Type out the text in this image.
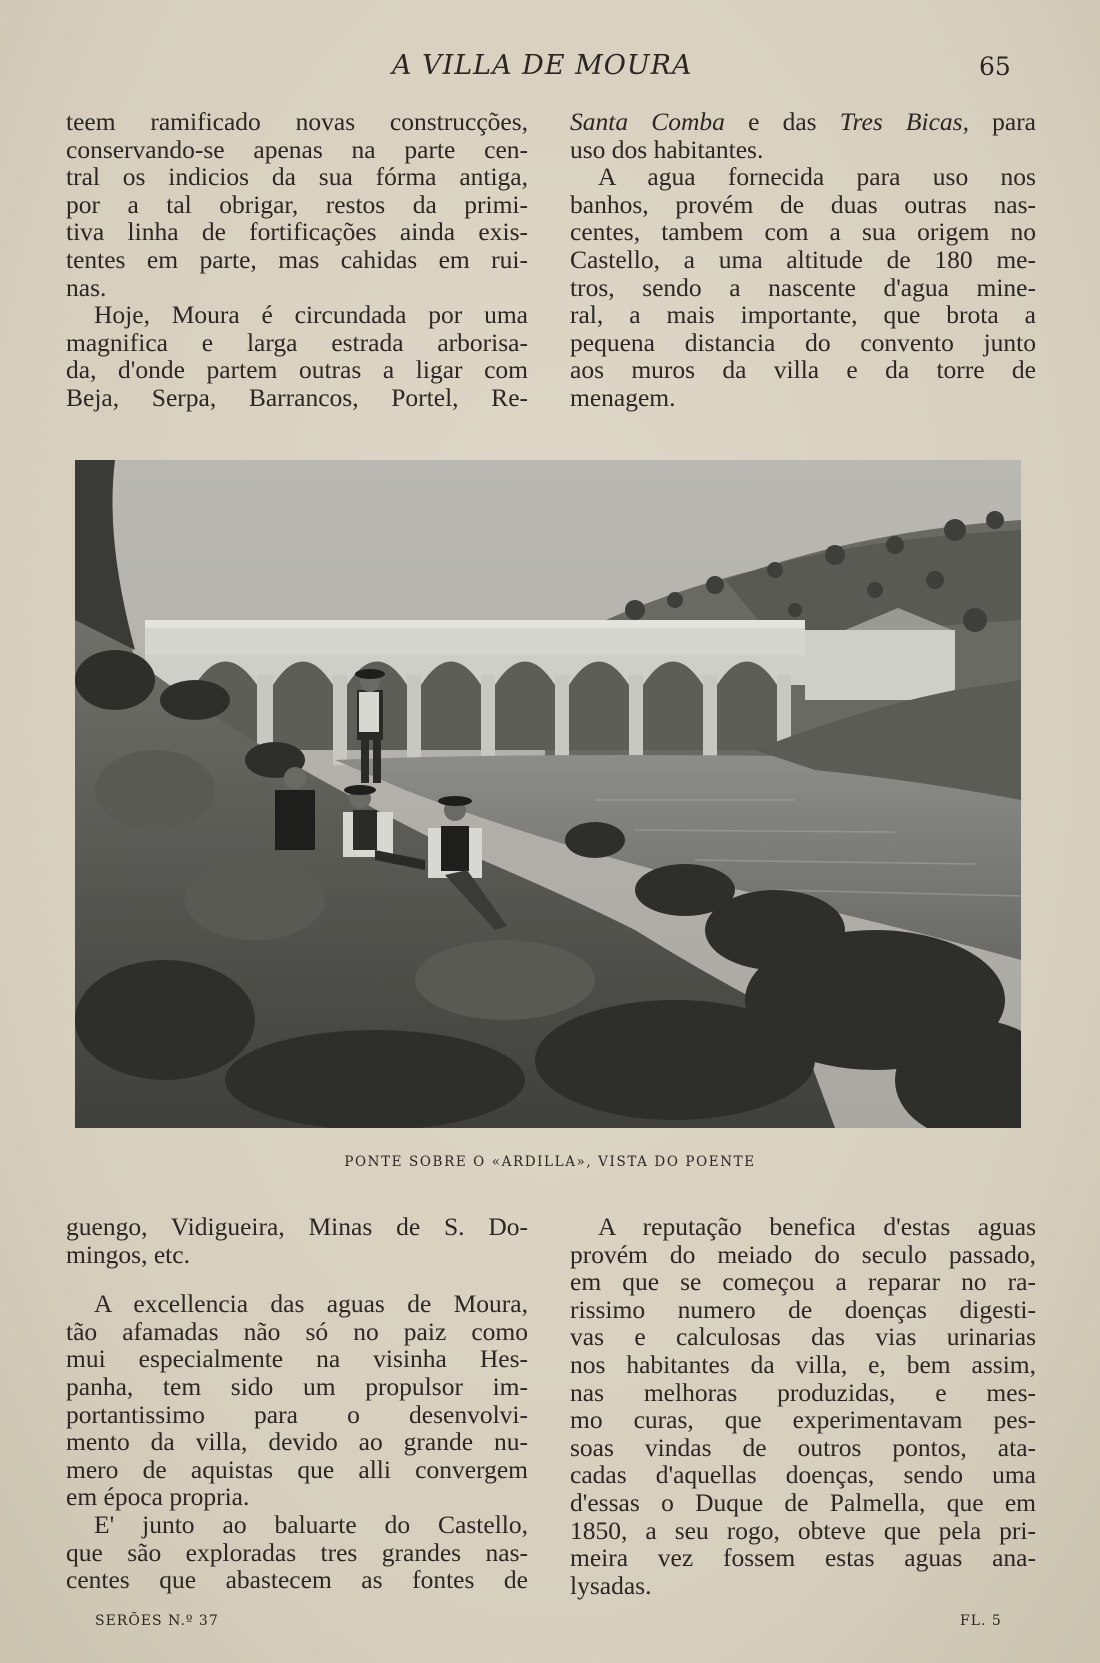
A VILLA DE MOURA	65
teem ramificado novas construcções,
conservando-se apenas na parte cen-
tral os indicios da sua fórma antiga,
por a tal obrigar, restos da primi-
tiva linha de fortificações ainda exis-
tentes em parte, mas cahidas em rui-
nas.
Hoje, Moura é circundada por uma
magnifica e larga estrada arborisa-
da, d'onde partem outras a ligar com
Beja, Serpa, Barrancos, Portel, Re-
Santa Comba e das Tres Bicas, para
uso dos habitantes.
A agua fornecida para uso nos
banhos, provém de duas outras nas-
centes, tambem com a sua origem no
Castello, a uma altitude de 180 me-
tros, sendo a nascente d'agua mine-
ral, a mais importante, que brota a
pequena distancia do convento junto
aos muros da villa e da torre de
menagem.
PONTE SOBRE O «ARDILLA», VISTA DO POENTE
guengo, Vidigueira, Minas de S. Do-
mingos, etc.
A excellencia das aguas de Moura,
tão afamadas não só no paiz como
mui especialmente na visinha Hes-
panha, tem sido um propulsor im-
portantissimo para o desenvolvi-
mento da villa, devido ao grande nu-
mero de aquistas que alli convergem
em época propria.
E' junto ao baluarte do Castello,
que são exploradas tres grandes nas-
centes que abastecem as fontes de
A reputação benefica d'estas aguas
provém do meiado do seculo passado,
em que se começou a reparar no ra-
rissimo numero de doenças digesti-
vas e calculosas das vias urinarias
nos habitantes da villa, e, bem assim,
nas melhoras produzidas, e mes-
mo curas, que experimentavam pes-
soas vindas de outros pontos, ata-
cadas d'aquellas doenças, sendo uma
d'essas o Duque de Palmella, que em
1850, a seu rogo, obteve que pela pri-
meira vez fossem estas aguas ana-
lysadas.
SERÕES N.º 37	FL. 5
